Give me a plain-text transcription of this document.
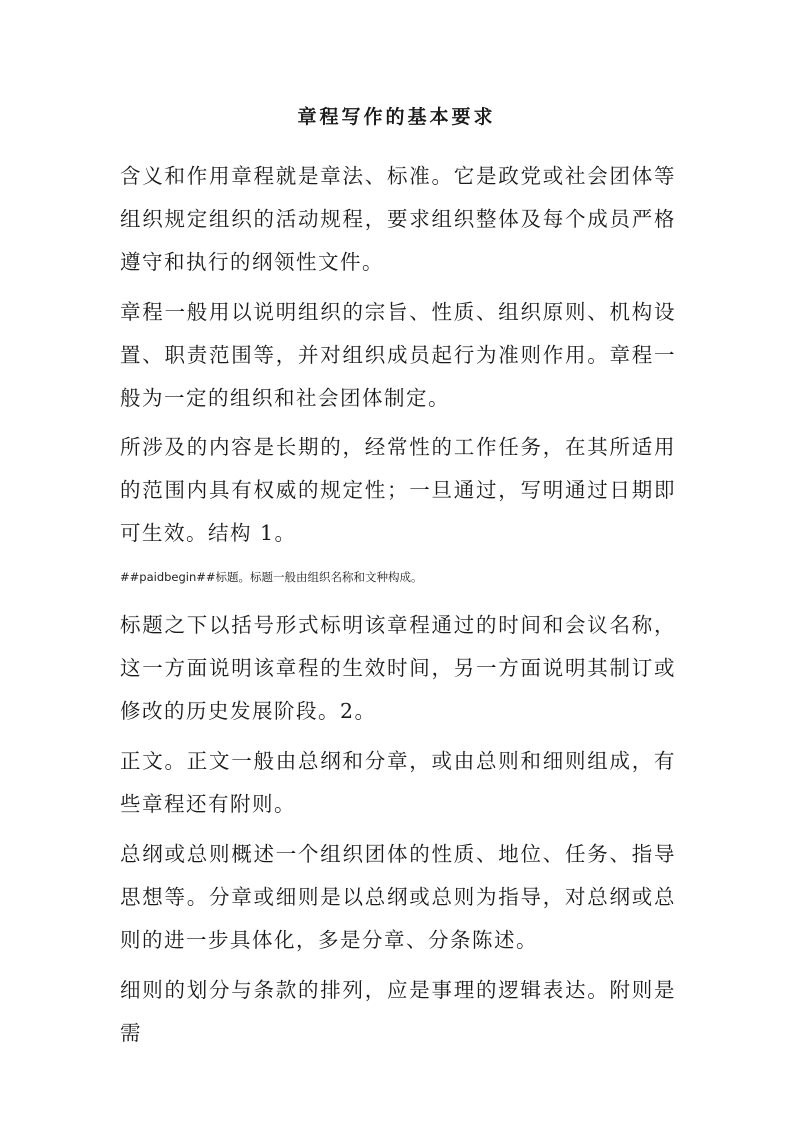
章程写作的基本要求

含义和作用章程就是章法、标准。它是政党或社会团体等组织规定组织的活动规程，要求组织整体及每个成员严格遵守和执行的纲领性文件。

章程一般用以说明组织的宗旨、性质、组织原则、机构设置、职责范围等，并对组织成员起行为准则作用。章程一般为一定的组织和社会团体制定。

所涉及的内容是长期的，经常性的工作任务，在其所适用的范围内具有权威的规定性；一旦通过，写明通过日期即可生效。结构 1。

##paidbegin##标题。标题一般由组织名称和文种构成。

标题之下以括号形式标明该章程通过的时间和会议名称，这一方面说明该章程的生效时间，另一方面说明其制订或修改的历史发展阶段。2。

正文。正文一般由总纲和分章，或由总则和细则组成，有些章程还有附则。

总纲或总则概述一个组织团体的性质、地位、任务、指导思想等。分章或细则是以总纲或总则为指导，对总纲或总则的进一步具体化，多是分章、分条陈述。

细则的划分与条款的排列，应是事理的逻辑表达。附则是需
